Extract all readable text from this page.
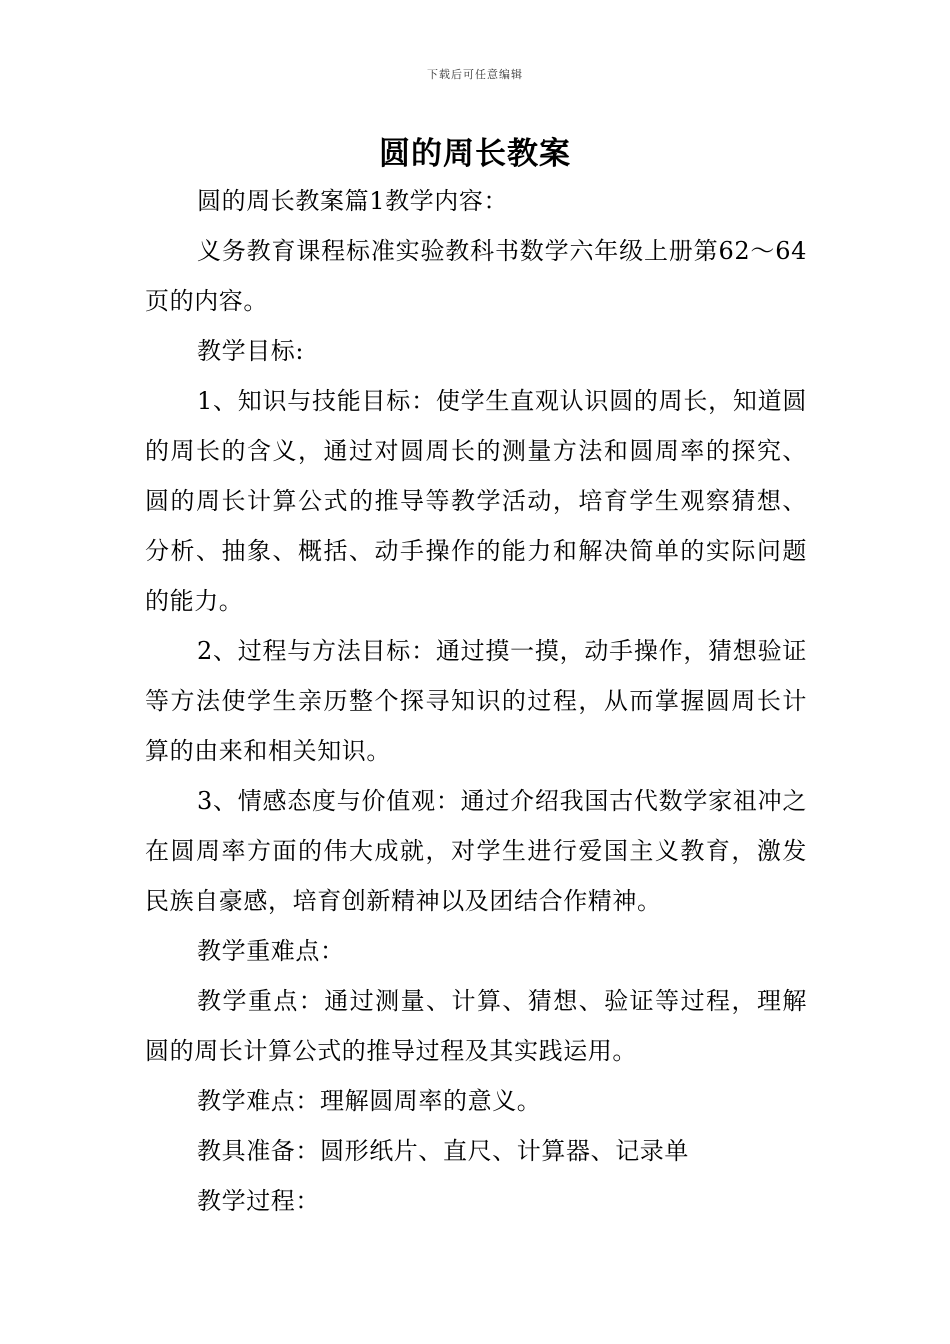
下载后可任意编辑
圆的周长教案

圆的周长教案篇1教学内容：

义务教育课程标准实验教科书数学六年级上册第62～64页的内容。

教学目标:

1、知识与技能目标：使学生直观认识圆的周长，知道圆的周长的含义，通过对圆周长的测量方法和圆周率的探究、圆的周长计算公式的推导等教学活动，培育学生观察猜想、分析、抽象、概括、动手操作的能力和解决简单的实际问题的能力。

2、过程与方法目标：通过摸一摸，动手操作，猜想验证等方法使学生亲历整个探寻知识的过程，从而掌握圆周长计算的由来和相关知识。

3、情感态度与价值观：通过介绍我国古代数学家祖冲之在圆周率方面的伟大成就，对学生进行爱国主义教育，激发民族自豪感，培育创新精神以及团结合作精神。

教学重难点：

教学重点：通过测量、计算、猜想、验证等过程，理解圆的周长计算公式的推导过程及其实践运用。

教学难点：理解圆周率的意义。

教具准备：圆形纸片、直尺、计算器、记录单

教学过程：
